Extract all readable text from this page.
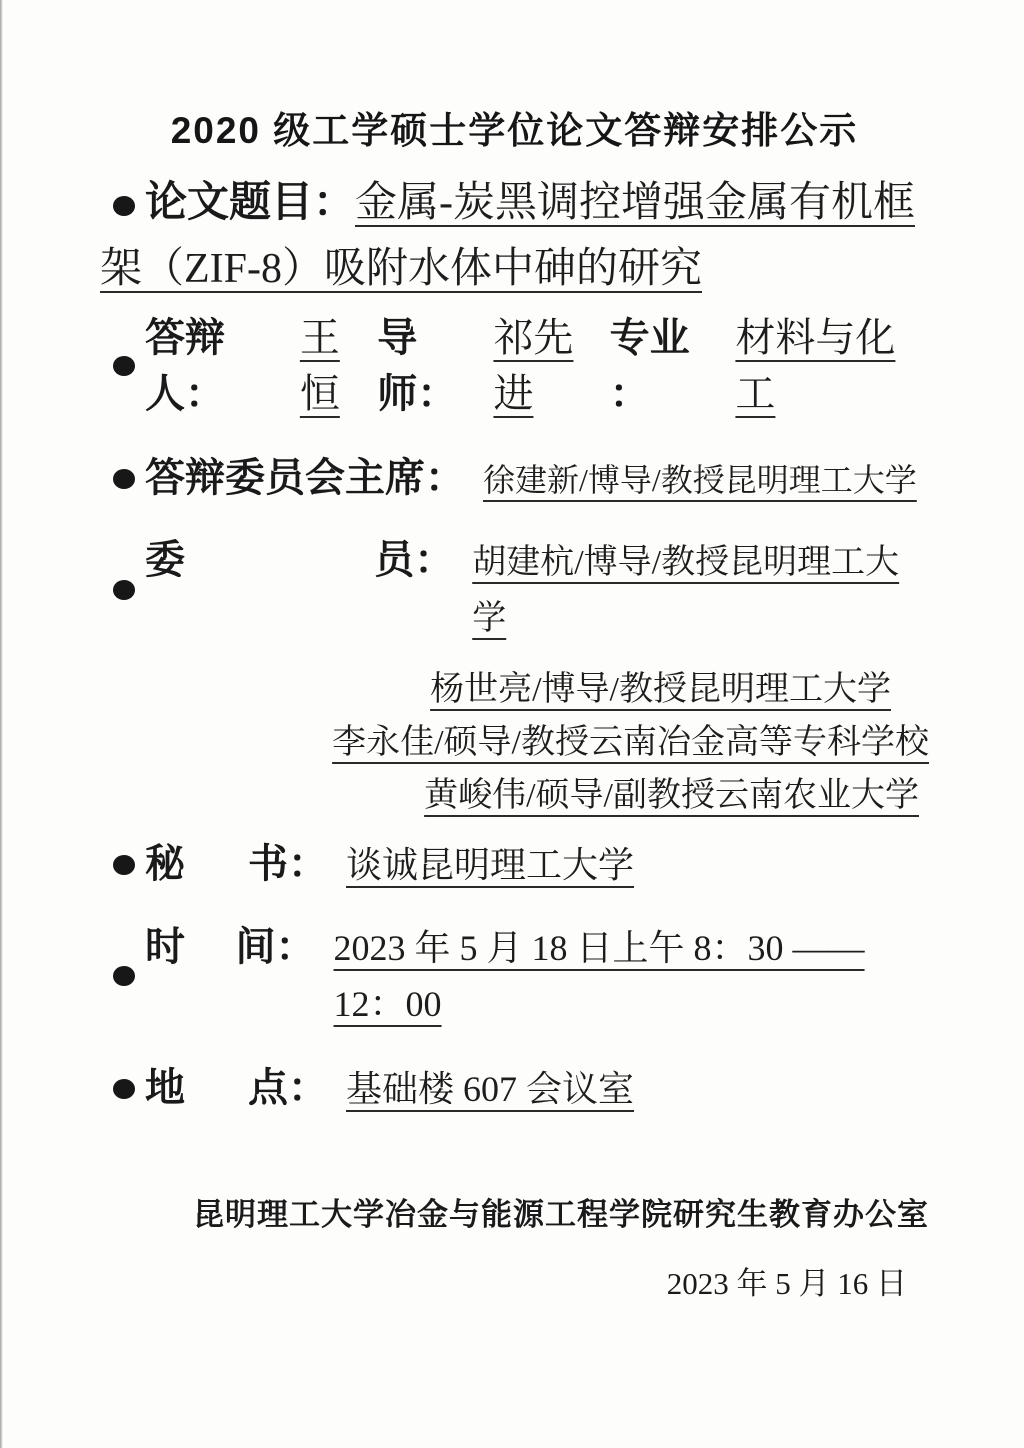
2020 级工学硕士学位论文答辩安排公示

论文题目：金属-炭黑调控增强金属有机框架（ZIF-8）吸附水体中砷的研究

答辩人：
王恒
导师：
祁先进
专业 ：
材料与化工
答辩委员会主席： 徐建新/博导/教授昆明理工大学
委	员： 胡建杭/博导/教授昆明理工大学
杨世亮/博导/教授昆明理工大学
李永佳/硕导/教授云南冶金高等专科学校
黄峻伟/硕导/副教授云南农业大学
秘 书： 谈诚昆明理工大学
时 间： 2023 年 5 月 18 日上午 8：30 ——12：00
地 点： 基础楼 607 会议室
昆明理工大学冶金与能源工程学院研究生教育办公室
2023 年 5 月 16 日
